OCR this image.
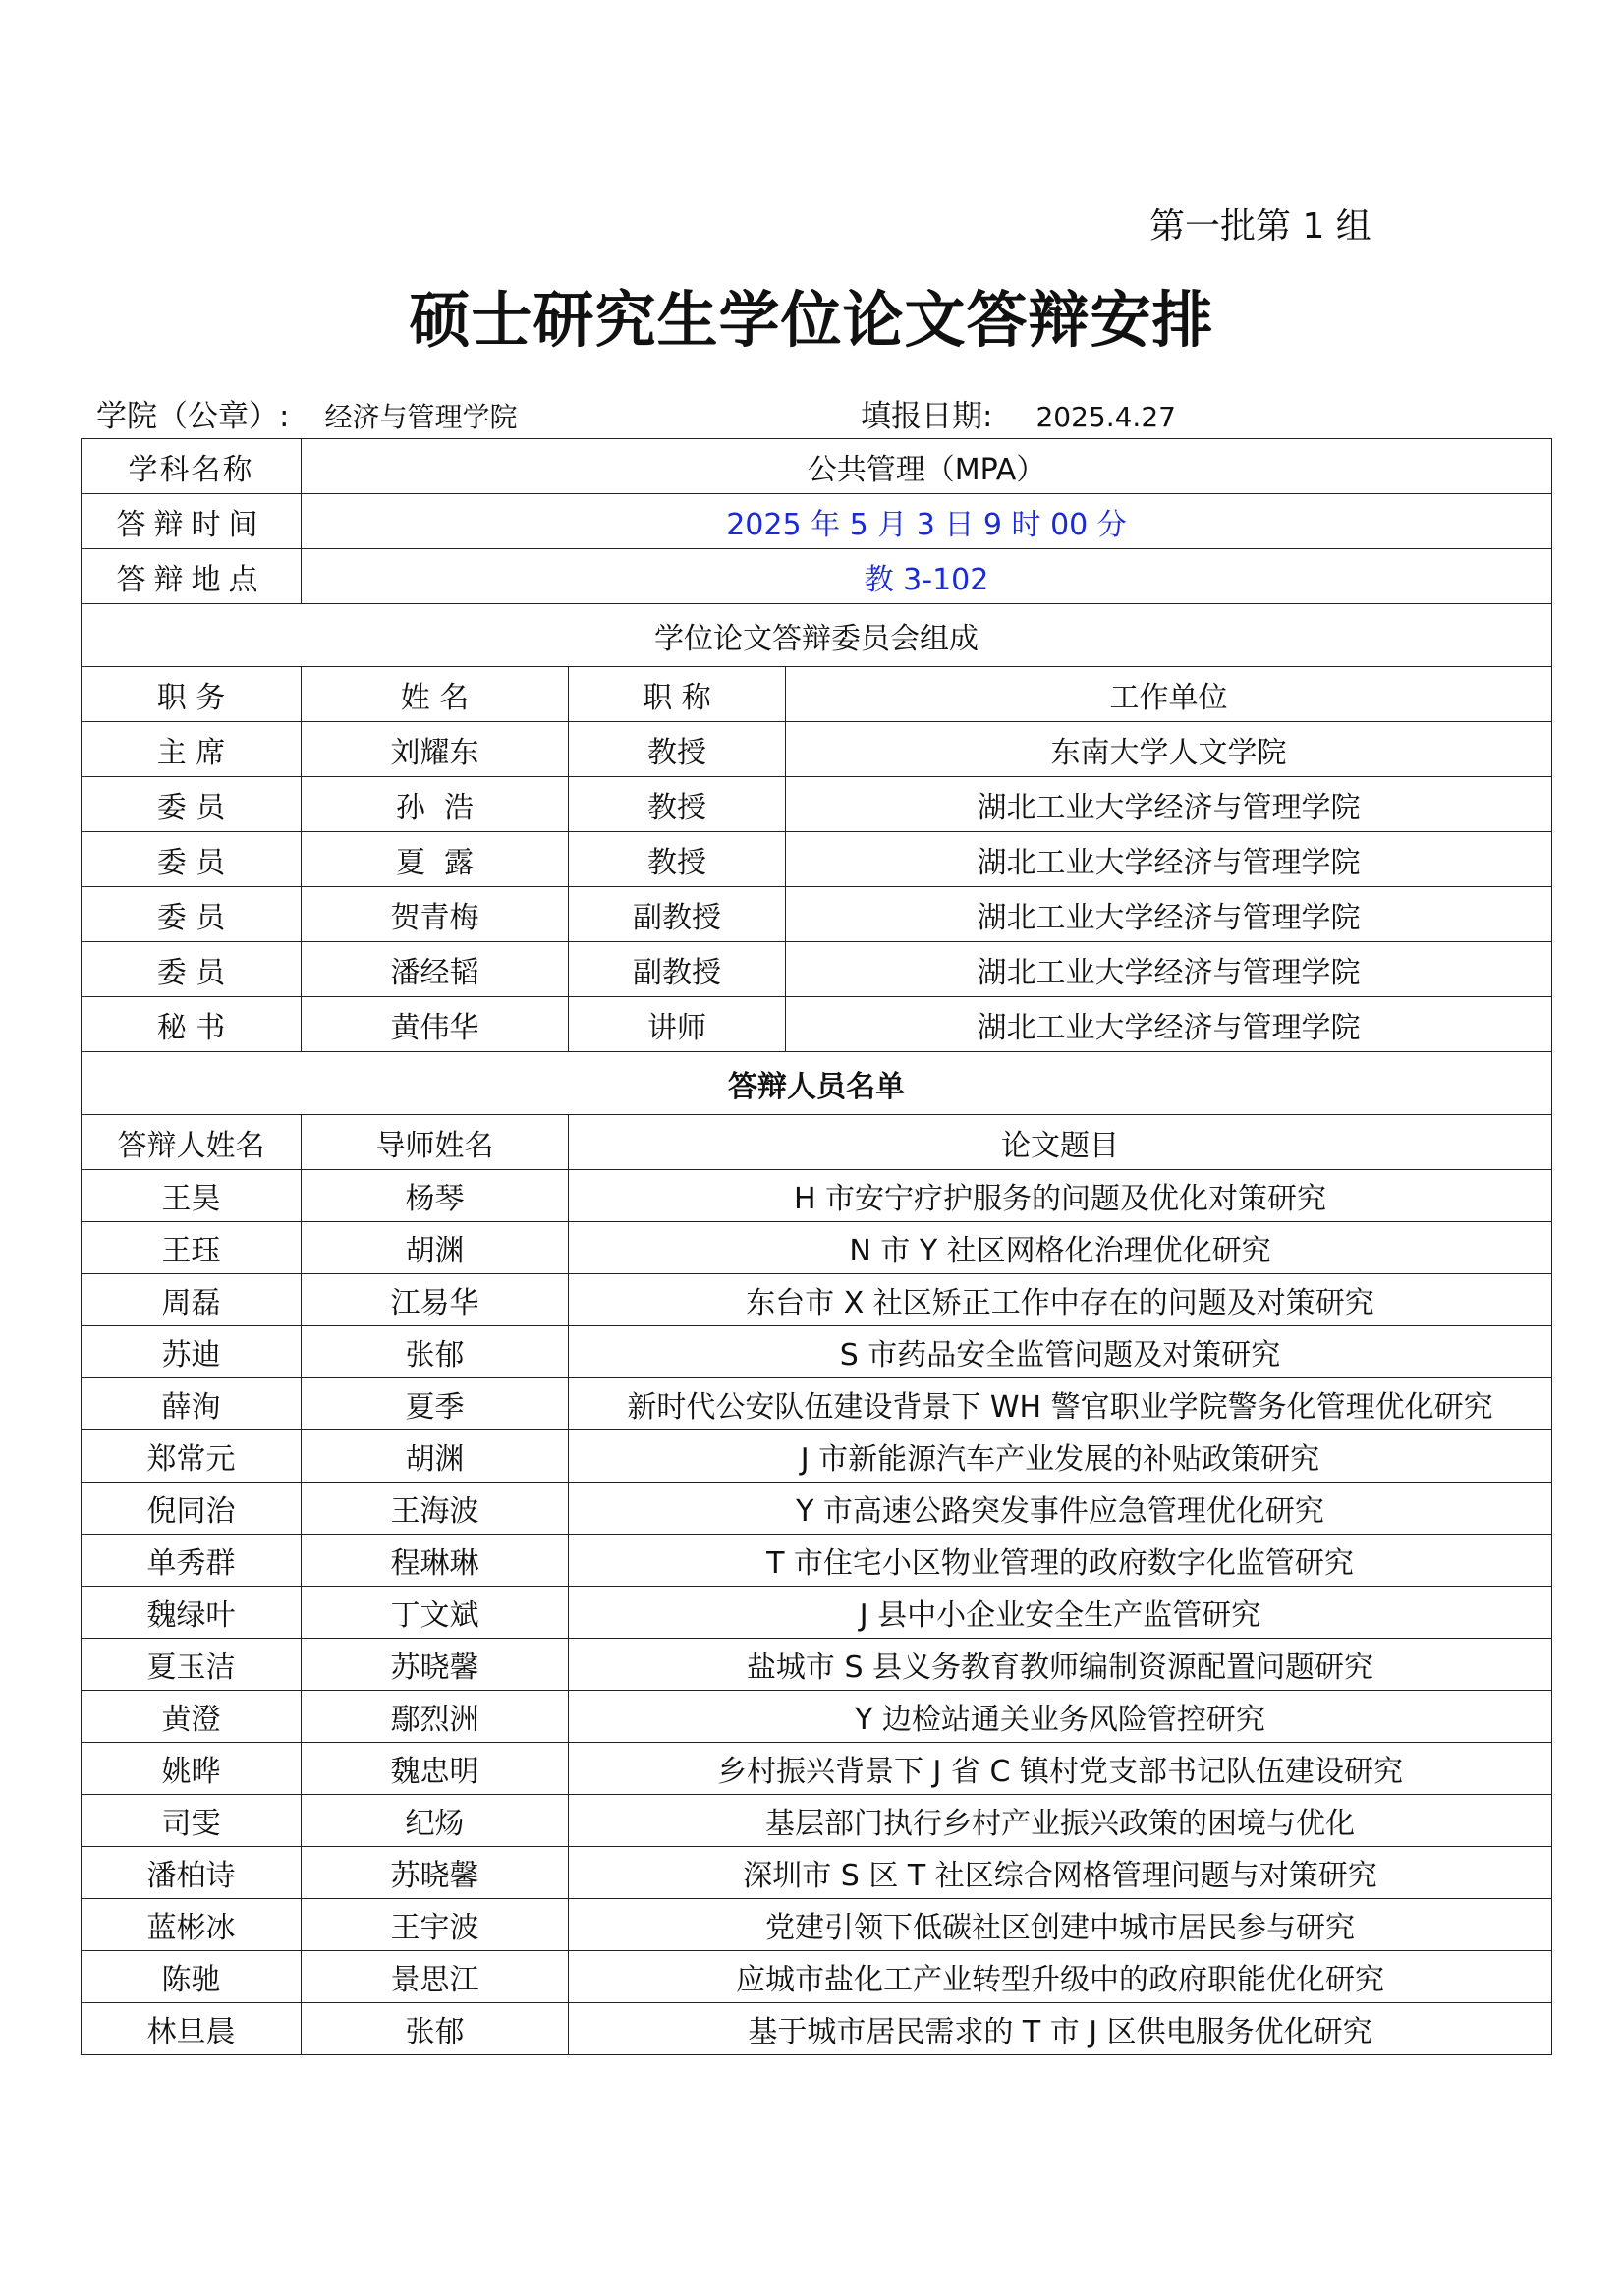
第一批第 1 组
硕士研究生学位论文答辩安排
学院（公章）: 经济与管理学院	填报日期: 2025.4.27
学科名称	公共管理（MPA）		
答辩时间	2025 年 5 月 3 日 9 时 00 分		
答辩地点	教 3-102		
学位论文答辩委员会组成			
职 务	姓 名	职 称	工作单位
主 席	刘耀东	教授	东南大学人文学院
委 员	孙  浩	教授	湖北工业大学经济与管理学院
委 员	夏  露	教授	湖北工业大学经济与管理学院
委 员	贺青梅	副教授	湖北工业大学经济与管理学院
委 员	潘经韬	副教授	湖北工业大学经济与管理学院
秘 书	黄伟华	讲师	湖北工业大学经济与管理学院
答辩人员名单			
答辩人姓名	导师姓名	论文题目	
王昊	杨琴	H 市安宁疗护服务的问题及优化对策研究	
王珏	胡渊	N 市 Y 社区网格化治理优化研究	
周磊	江易华	东台市 X 社区矫正工作中存在的问题及对策研究	
苏迪	张郁	S 市药品安全监管问题及对策研究	
薛洵	夏季	新时代公安队伍建设背景下 WH 警官职业学院警务化管理优化研究	
郑常元	胡渊	J 市新能源汽车产业发展的补贴政策研究	
倪同治	王海波	Y 市高速公路突发事件应急管理优化研究	
单秀群	程琳琳	T 市住宅小区物业管理的政府数字化监管研究	
魏绿叶	丁文斌	J 县中小企业安全生产监管研究	
夏玉洁	苏晓馨	盐城市 S 县义务教育教师编制资源配置问题研究	
黄澄	鄢烈洲	Y 边检站通关业务风险管控研究	
姚晔	魏忠明	乡村振兴背景下 J 省 C 镇村党支部书记队伍建设研究	
司雯	纪炀	基层部门执行乡村产业振兴政策的困境与优化	
潘柏诗	苏晓馨	深圳市 S 区 T 社区综合网格管理问题与对策研究	
蓝彬冰	王宇波	党建引领下低碳社区创建中城市居民参与研究	
陈驰	景思江	应城市盐化工产业转型升级中的政府职能优化研究	
林旦晨	张郁	基于城市居民需求的 T 市 J 区供电服务优化研究	
